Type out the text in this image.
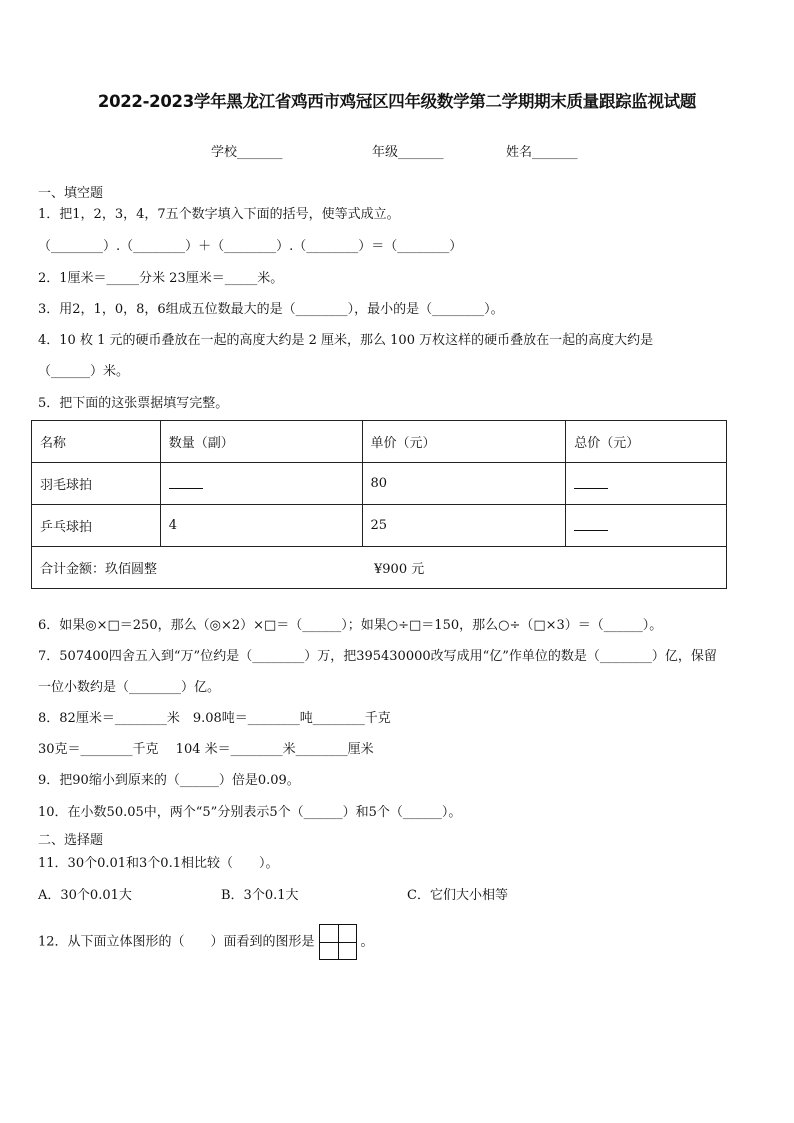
2022-2023学年黑龙江省鸡西市鸡冠区四年级数学第二学期期末质量跟踪监视试题
学校_______	年级_______	姓名_______
一、填空题
1．把1，2，3，4，7五个数字填入下面的括号，使等式成立。
（________）.（________）＋（________）.（________）＝（________）
2．1厘米＝_____分米 23厘米＝_____米。
3．用2，1，0，8，6组成五位数最大的是（________），最小的是（________）。
4．10 枚 1 元的硬币叠放在一起的高度大约是 2 厘米，那么 100 万枚这样的硬币叠放在一起的高度大约是
（______）米。
5．把下面的这张票据填写完整。
名称	数量（副）	单价（元）	总价（元）
羽毛球拍		80	
乒乓球拍	4	25	
合计金额：玖佰圆整 ¥900 元			
6．如果◎×□＝250，那么（◎×2）×□＝（______）；如果○÷□＝150，那么○÷（□×3）＝（______）。
7．507400四舍五入到“万”位约是（________）万，把395430000改写成用“亿”作单位的数是（________）亿，保留
一位小数约是（________）亿。
8．82厘米＝________米　9.08吨＝________吨________千克
30克＝________千克　 104 米＝________米________厘米
9．把90缩小到原来的（______）倍是0.09。
10．在小数50.05中，两个“5”分别表示5个（______）和5个（______）。
二、选择题
11．30个0.01和3个0.1相比较（　　）。
A．30个0.01大	B．3个0.1大	C．它们大小相等
12．从下面立体图形的（　　）面看到的图形是	。
